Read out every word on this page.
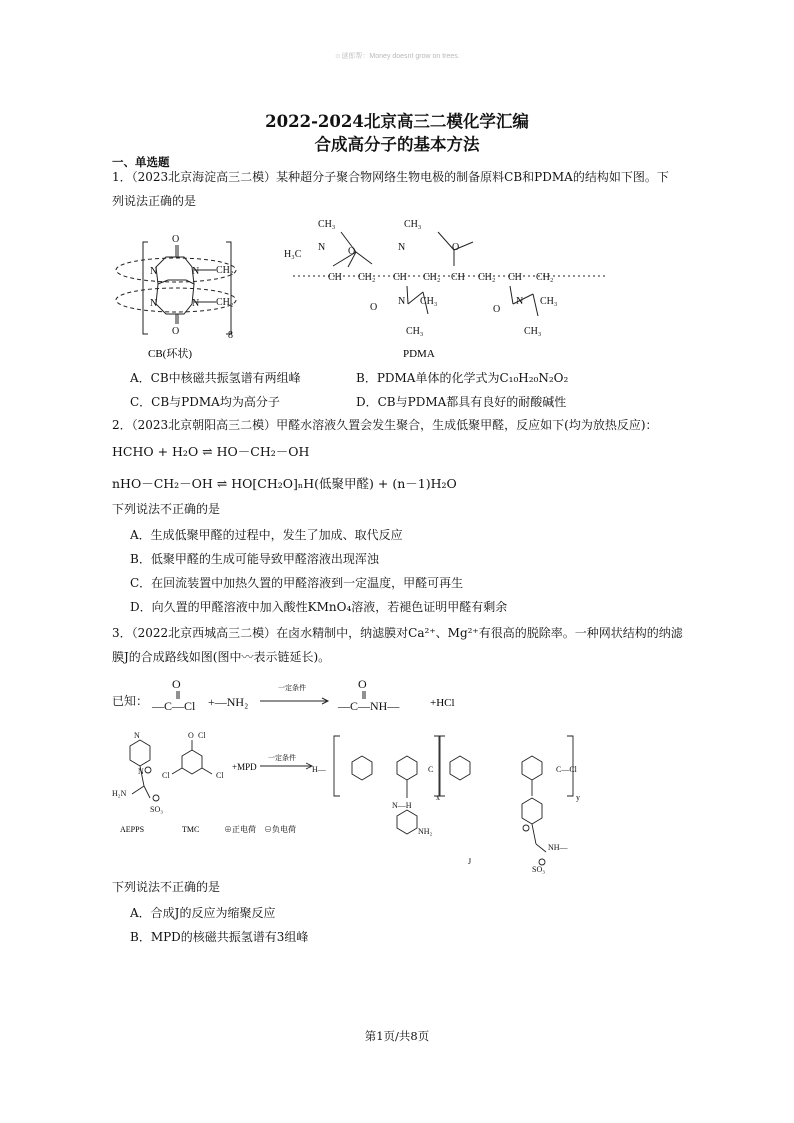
☺谜郎帮：Money doesnt grow on trees.
2022-2024北京高三二模化学汇编
合成高分子的基本方法
一、单选题
1．（2023北京海淀高三二模）某种超分子聚合物网络生物电极的制备原料CB和PDMA的结构如下图。下
列说法正确的是
O
N	N CH₂
N	N CH₂
O	8
CB(环状)
CH₃
H₃C
N O
CH CH₂ CH CH₂ CH CH₂ CH CH₂
CH₃
N	O
O
N CH₃
CH₃
O
N CH₃
CH₃
PDMA
A．CB中核磁共振氢谱有两组峰	B．PDMA单体的化学式为C₁₀H₂₀N₂O₂
C．CB与PDMA均为高分子	D．CB与PDMA都具有良好的耐酸碱性
2．（2023北京朝阳高三二模）甲醛水溶液久置会发生聚合，生成低聚甲醛，反应如下(均为放热反应)：
HCHO + H₂O ⇌ HO－CH₂－OH
nHO－CH₂－OH ⇌ HO[CH₂O]ₙH(低聚甲醛) + (n－1)H₂O
下列说法不正确的是
A．生成低聚甲醛的过程中，发生了加成、取代反应
B．低聚甲醛的生成可能导致甲醛溶液出现浑浊
C．在回流装置中加热久置的甲醛溶液到一定温度，甲醛可再生
D．向久置的甲醛溶液中加入酸性KMnO₄溶液，若褪色证明甲醛有剩余
3．（2022北京西城高三二模）在卤水精制中，纳滤膜对Ca²⁺、Mg²⁺有很高的脱除率。一种网状结构的纳滤
膜J的合成路线如图(图中〰表示链延长)。
已知：
O
—C—Cl +—NH₂
O
—C—NH—
一定条件
+HCl
N
N
H₂N
SO₃
O Cl
Cl	Cl
H—	C	C—Cl
x	y
N—H
NH₂
NH—
SO₃
+MPD
一定条件
AEPPS	TMC	⊕正电荷 ⊖负电荷
J
下列说法不正确的是
A．合成J的反应为缩聚反应
B．MPD的核磁共振氢谱有3组峰
第1页/共8页
